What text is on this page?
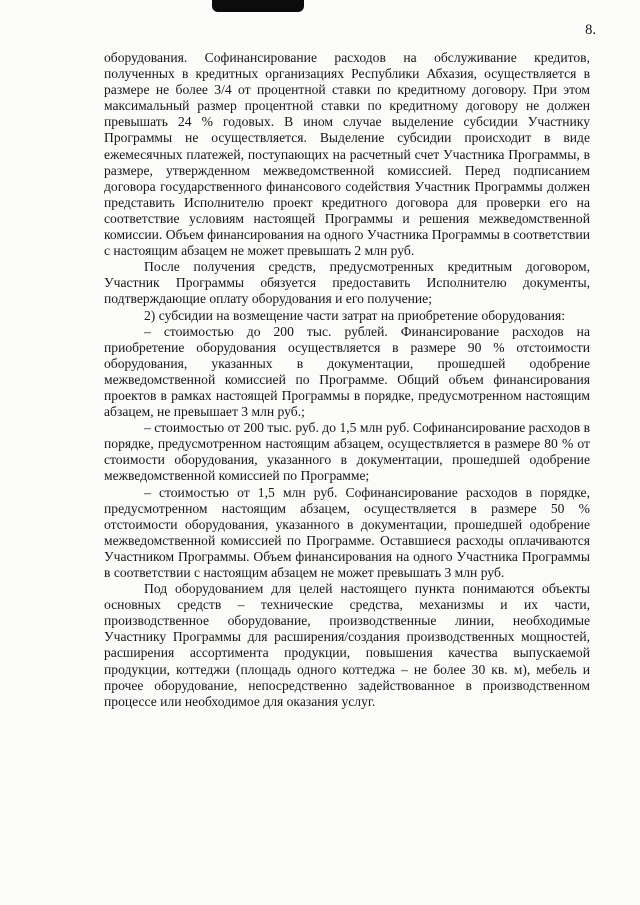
8.

оборудования. Софинансирование расходов на обслуживание кредитов, полученных в кредитных организациях Республики Абхазия, осуществляется в размере не более 3/4 от процентной ставки по кредитному договору. При этом максимальный размер процентной ставки по кредитному договору не должен превышать 24 % годовых. В ином случае выделение субсидии Участнику Программы не осуществляется. Выделение субсидии происходит в виде ежемесячных платежей, поступающих на расчетный счет Участника Программы, в размере, утвержденном межведомственной комиссией. Перед подписанием договора государственного финансового содействия Участник Программы должен представить Исполнителю проект кредитного договора для проверки его на соответствие условиям настоящей Программы и решения межведомственной комиссии. Объем финансирования на одного Участника Программы в соответствии с настоящим абзацем не может превышать 2 млн руб.

После получения средств, предусмотренных кредитным договором, Участник Программы обязуется предоставить Исполнителю документы, подтверждающие оплату оборудования и его получение;

2) субсидии на возмещение части затрат на приобретение оборудования:

– стоимостью до 200 тыс. рублей. Финансирование расходов на приобретение оборудования осуществляется в размере 90 % отстоимости оборудования, указанных в документации, прошедшей одобрение межведомственной комиссией по Программе. Общий объем финансирования проектов в рамках настоящей Программы в порядке, предусмотренном настоящим абзацем, не превышает 3 млн руб.;

– стоимостью от 200 тыс. руб. до 1,5 млн руб. Софинансирование расходов в порядке, предусмотренном настоящим абзацем, осуществляется в размере 80 % от стоимости оборудования, указанного в документации, прошедшей одобрение межведомственной комиссией по Программе;

– стоимостью от 1,5 млн руб. Софинансирование расходов в порядке, предусмотренном настоящим абзацем, осуществляется в размере 50 % отстоимости оборудования, указанного в документации, прошедшей одобрение межведомственной комиссией по Программе. Оставшиеся расходы оплачиваются Участником Программы. Объем финансирования на одного Участника Программы в соответствии с настоящим абзацем не может превышать 3 млн руб.

Под оборудованием для целей настоящего пункта понимаются объекты основных средств – технические средства, механизмы и их части, производственное оборудование, производственные линии, необходимые Участнику Программы для расширения/создания производственных мощностей, расширения ассортимента продукции, повышения качества выпускаемой продукции, коттеджи (площадь одного коттеджа – не более 30 кв. м), мебель и прочее оборудование, непосредственно задействованное в производственном процессе или необходимое для оказания услуг.
